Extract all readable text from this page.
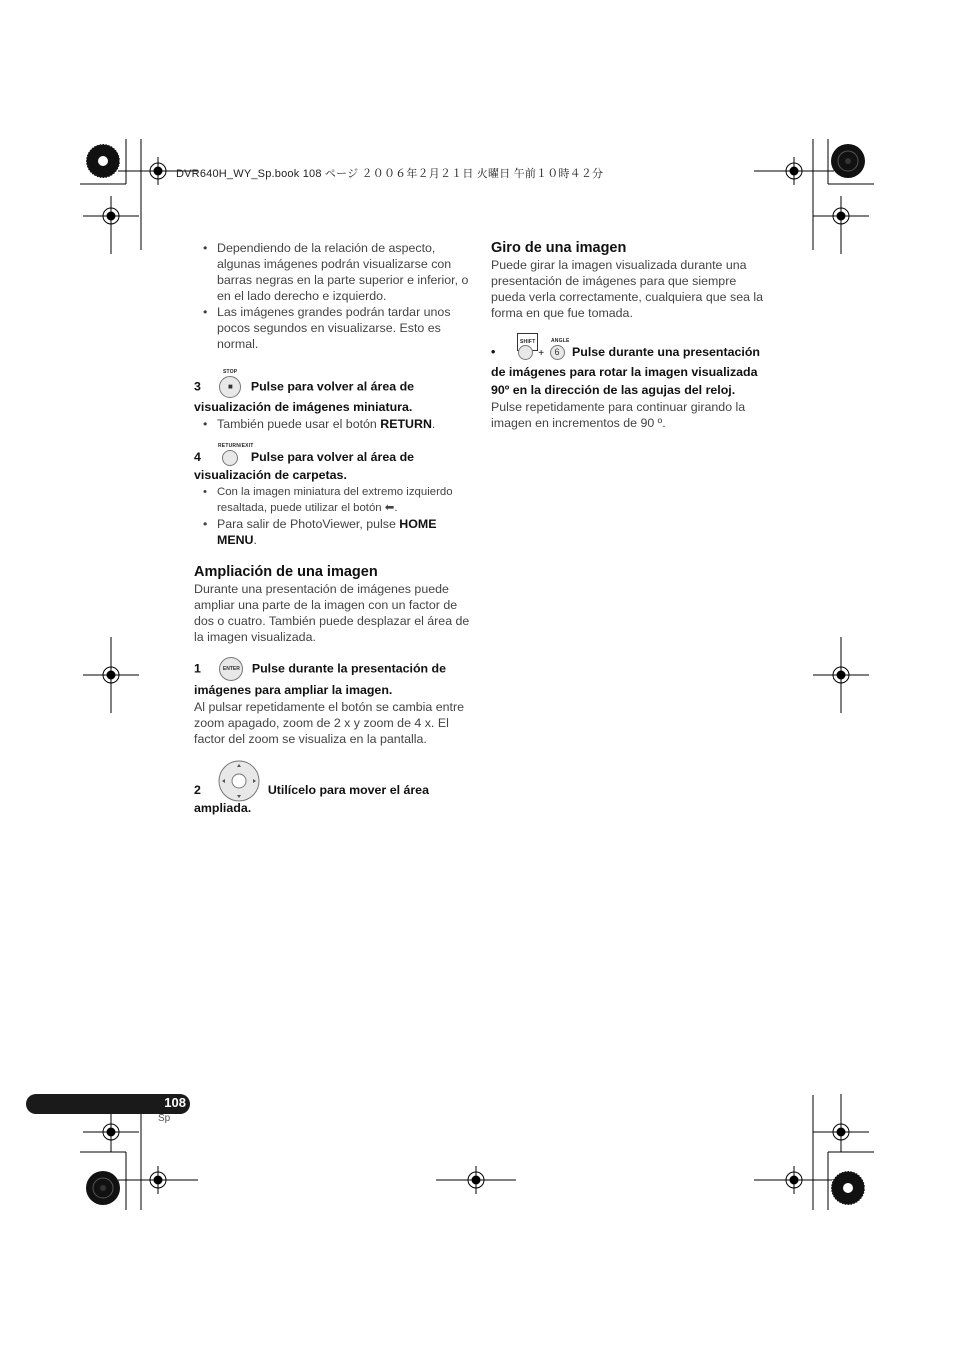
DVR640H_WY_Sp.book 108 ページ ２００６年２月２１日 火曜日 午前１０時４２分

• Dependiendo de la relación de aspecto, algunas imágenes podrán visualizarse con barras negras en la parte superior e inferior, o en el lado derecho e izquierdo.

• Las imágenes grandes podrán tardar unos pocos segundos en visualizarse. Esto es normal.

STOP

3	■ Pulse para volver al área de visualización de imágenes miniatura.

• También puede usar el botón RETURN.

RETURN/EXIT

4	Pulse para volver al área de visualización de carpetas.

• Con la imagen miniatura del extremo izquierdo resaltada, puede utilizar el botón ⬅.

• Para salir de PhotoViewer, pulse HOME MENU.

Ampliación de una imagen

Durante una presentación de imágenes puede ampliar una parte de la imagen con un factor de dos o cuatro. También puede desplazar el área de la imagen visualizada.

1	ENTER Pulse durante la presentación de imágenes para ampliar la imagen.

Al pulsar repetidamente el botón se cambia entre zoom apagado, zoom de 2 x y zoom de 4 x. El factor del zoom se visualiza en la pantalla.

2	Utilícelo para mover el área ampliada.

Giro de una imagen

Puede girar la imagen visualizada durante una presentación de imágenes para que siempre pueda verla correctamente, cualquiera que sea la forma en que fue tomada.

SHIFT	ANGLE

•	+ 6 Pulse durante una presentación de imágenes para rotar la imagen visualizada 90º en la dirección de las agujas del reloj.

Pulse repetidamente para continuar girando la imagen en incrementos de 90 º.

108
Sp
